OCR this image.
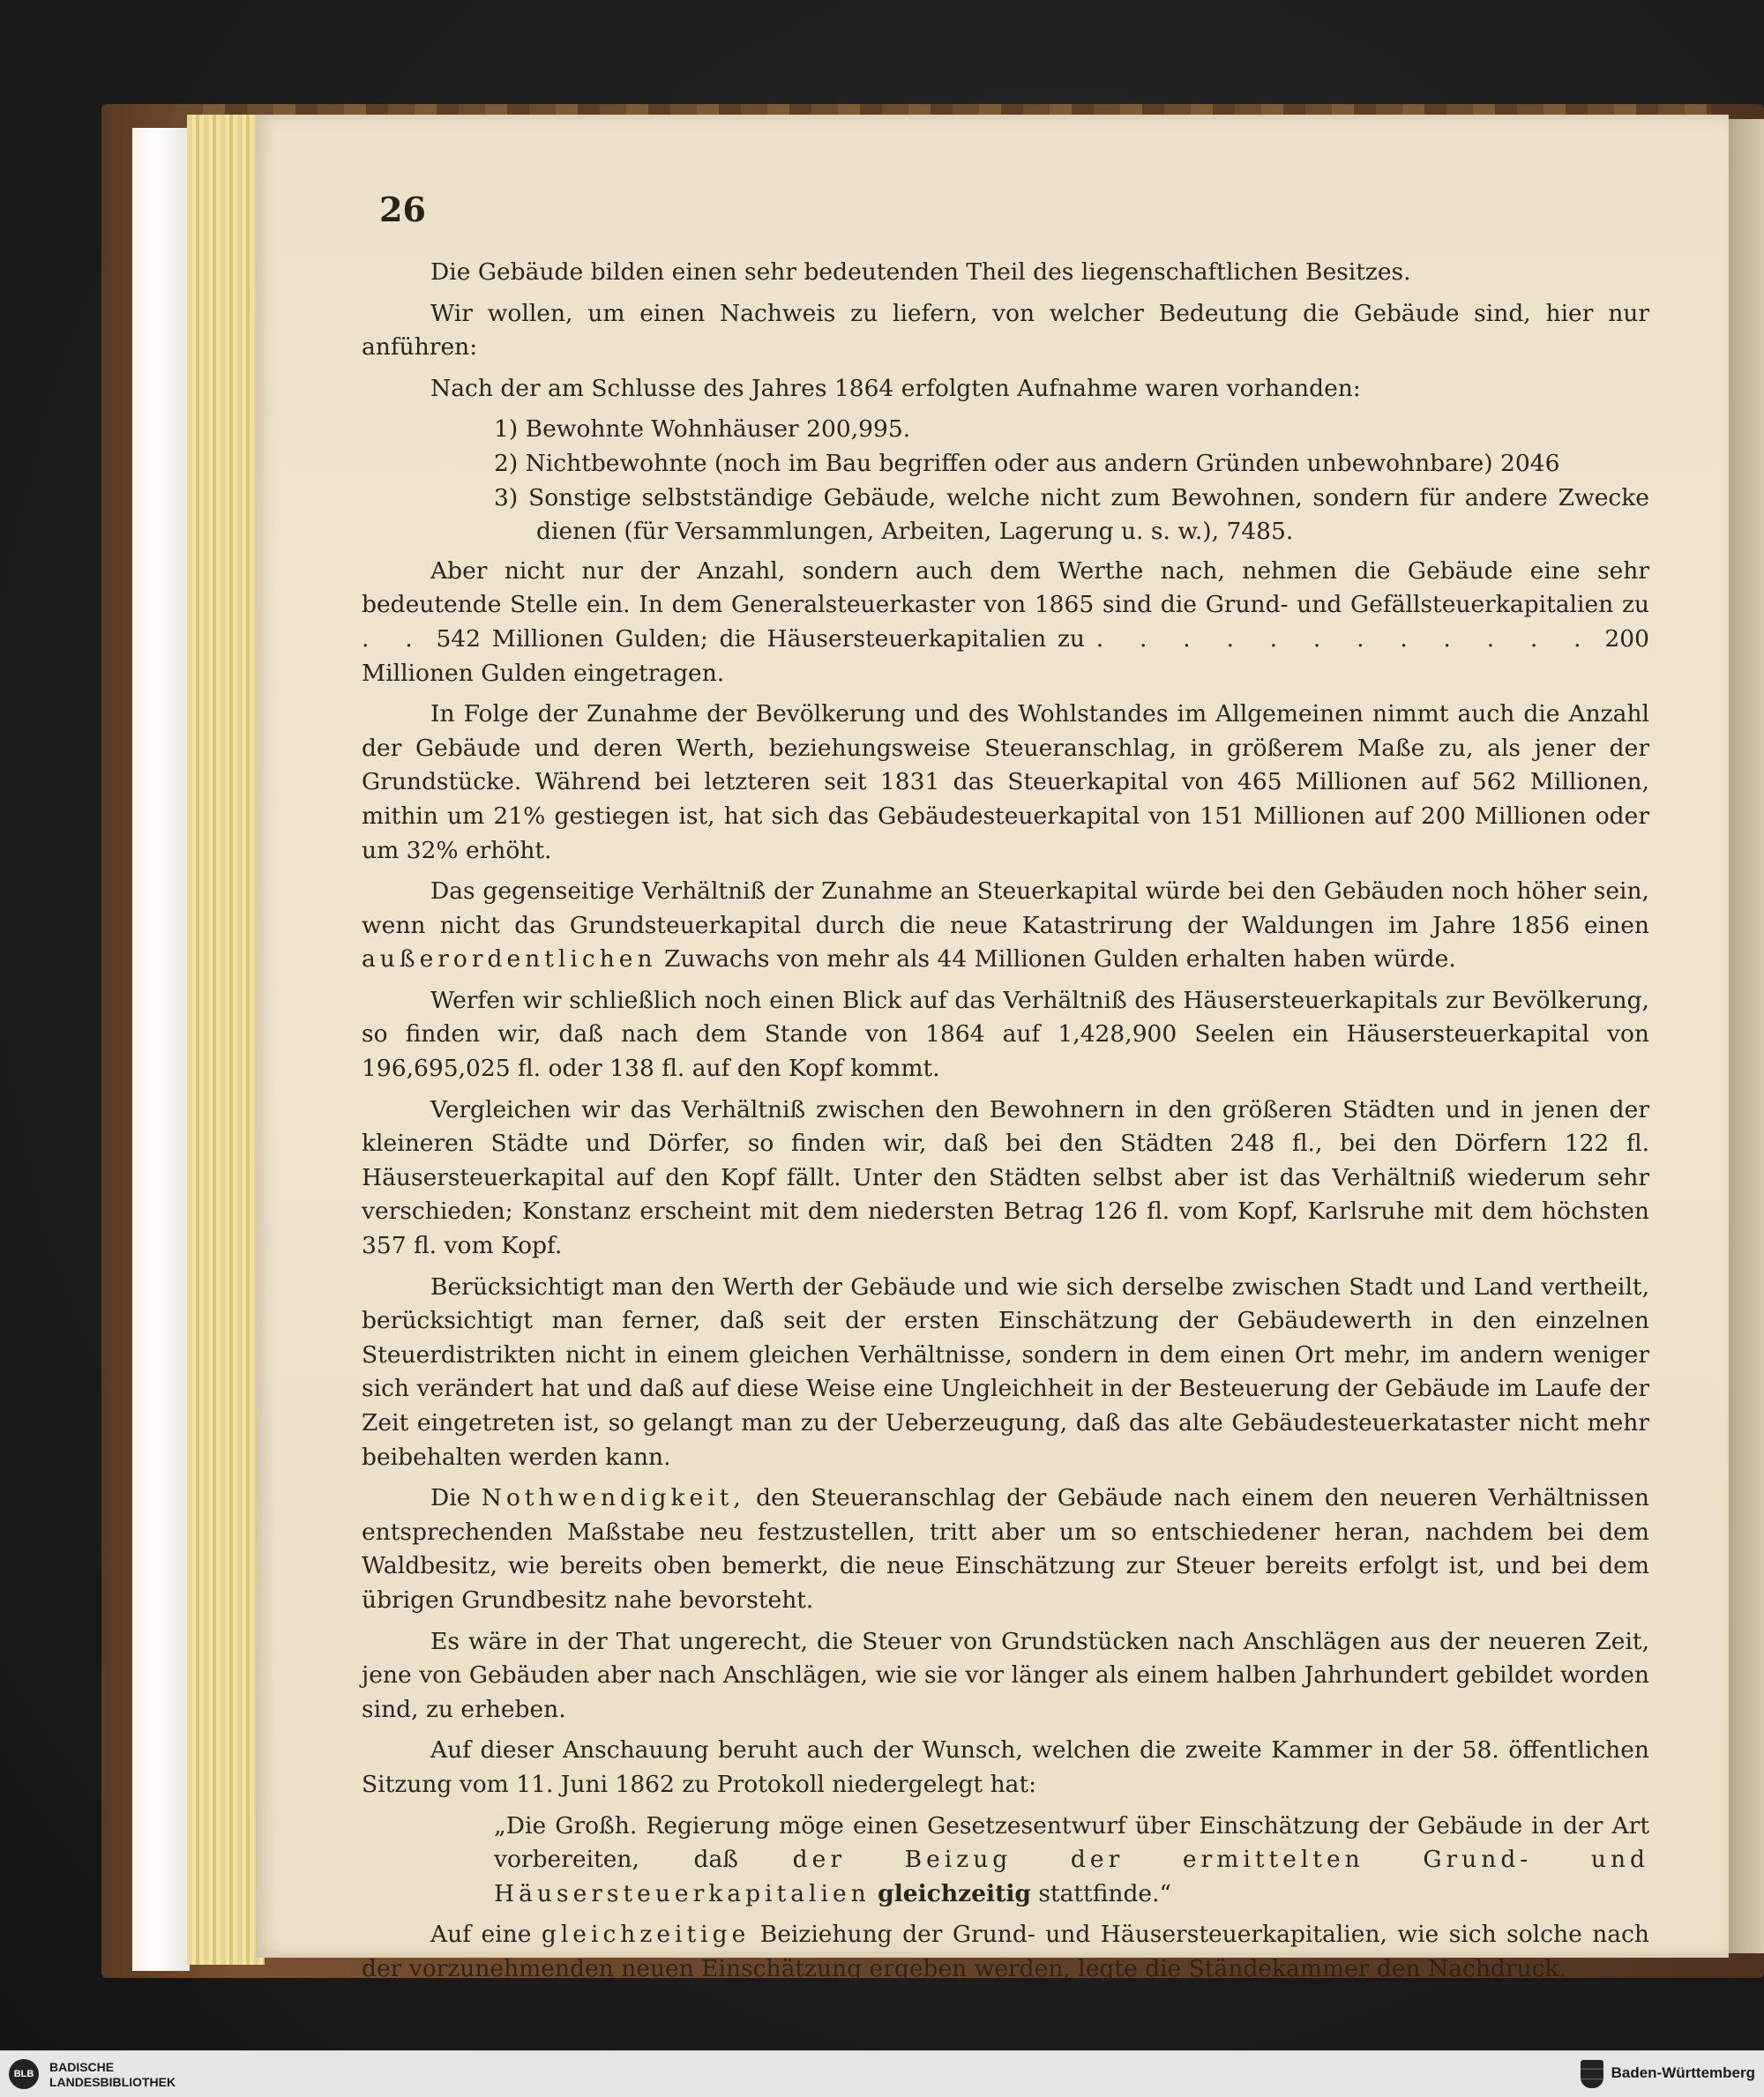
26

Die Gebäude bilden einen sehr bedeutenden Theil des liegenschaftlichen Besitzes.

Wir wollen, um einen Nachweis zu liefern, von welcher Bedeutung die Gebäude sind, hier nur anführen:

Nach der am Schlusse des Jahres 1864 erfolgten Aufnahme waren vorhanden:

1) Bewohnte Wohnhäuser 200,995.
2) Nichtbewohnte (noch im Bau begriffen oder aus andern Gründen unbewohnbare) 2046
3) Sonstige selbstständige Gebäude, welche nicht zum Bewohnen, sondern für andere Zwecke dienen (für Versammlungen, Arbeiten, Lagerung u. s. w.), 7485.

Aber nicht nur der Anzahl, sondern auch dem Werthe nach, nehmen die Gebäude eine sehr bedeutende Stelle ein. In dem Generalsteuerkaster von 1865 sind die Grund- und Gefällsteuerkapitalien zu . . 542 Millionen Gulden; die Häusersteuerkapitalien zu . . . . . . . . . . . . 200 Millionen Gulden eingetragen.

In Folge der Zunahme der Bevölkerung und des Wohlstandes im Allgemeinen nimmt auch die Anzahl der Gebäude und deren Werth, beziehungsweise Steueranschlag, in größerem Maße zu, als jener der Grundstücke. Während bei letzteren seit 1831 das Steuerkapital von 465 Millionen auf 562 Millionen, mithin um 21% gestiegen ist, hat sich das Gebäudesteuerkapital von 151 Millionen auf 200 Millionen oder um 32% erhöht.

Das gegenseitige Verhältniß der Zunahme an Steuerkapital würde bei den Gebäuden noch höher sein, wenn nicht das Grundsteuerkapital durch die neue Katastrirung der Waldungen im Jahre 1856 einen außerordentlichen Zuwachs von mehr als 44 Millionen Gulden erhalten haben würde.

Werfen wir schließlich noch einen Blick auf das Verhältniß des Häusersteuerkapitals zur Bevölkerung, so finden wir, daß nach dem Stande von 1864 auf 1,428,900 Seelen ein Häusersteuerkapital von 196,695,025 fl. oder 138 fl. auf den Kopf kommt.

Vergleichen wir das Verhältniß zwischen den Bewohnern in den größeren Städten und in jenen der kleineren Städte und Dörfer, so finden wir, daß bei den Städten 248 fl., bei den Dörfern 122 fl. Häusersteuerkapital auf den Kopf fällt. Unter den Städten selbst aber ist das Verhältniß wiederum sehr verschieden; Konstanz erscheint mit dem niedersten Betrag 126 fl. vom Kopf, Karlsruhe mit dem höchsten 357 fl. vom Kopf.

Berücksichtigt man den Werth der Gebäude und wie sich derselbe zwischen Stadt und Land vertheilt, berücksichtigt man ferner, daß seit der ersten Einschätzung der Gebäudewerth in den einzelnen Steuerdistrikten nicht in einem gleichen Verhältnisse, sondern in dem einen Ort mehr, im andern weniger sich verändert hat und daß auf diese Weise eine Ungleichheit in der Besteuerung der Gebäude im Laufe der Zeit eingetreten ist, so gelangt man zu der Ueberzeugung, daß das alte Gebäudesteuerkataster nicht mehr beibehalten werden kann.

Die Nothwendigkeit, den Steueranschlag der Gebäude nach einem den neueren Verhältnissen entsprechenden Maßstabe neu festzustellen, tritt aber um so entschiedener heran, nachdem bei dem Waldbesitz, wie bereits oben bemerkt, die neue Einschätzung zur Steuer bereits erfolgt ist, und bei dem übrigen Grundbesitz nahe bevorsteht.

Es wäre in der That ungerecht, die Steuer von Grundstücken nach Anschlägen aus der neueren Zeit, jene von Gebäuden aber nach Anschlägen, wie sie vor länger als einem halben Jahrhundert gebildet worden sind, zu erheben.

Auf dieser Anschauung beruht auch der Wunsch, welchen die zweite Kammer in der 58. öffentlichen Sitzung vom 11. Juni 1862 zu Protokoll niedergelegt hat:

„Die Großh. Regierung möge einen Gesetzesentwurf über Einschätzung der Gebäude in der Art vorbereiten, daß der Beizug der ermittelten Grund- und Häusersteuerkapitalien gleichzeitig stattfinde.“

Auf eine gleichzeitige Beiziehung der Grund- und Häusersteuerkapitalien, wie sich solche nach der vorzunehmenden neuen Einschätzung ergeben werden, legte die Ständekammer den Nachdruck.

BLB	BADISCHE
LANDESBIBLIOTHEK
Baden-Württemberg
